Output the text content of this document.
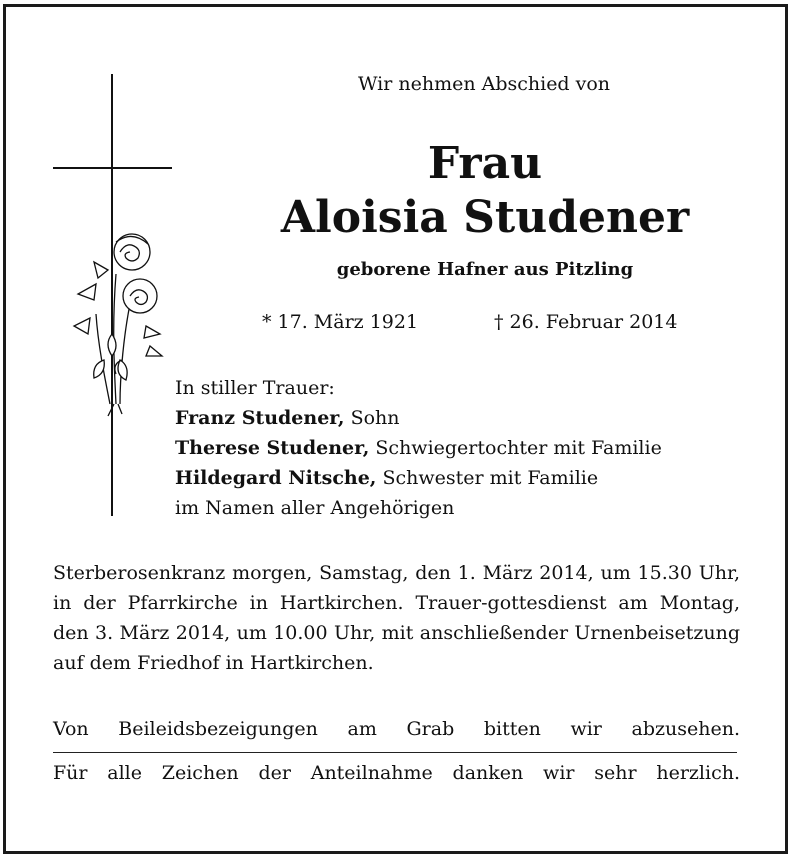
Wir nehmen Abschied von
Frau
Aloisia Studener
geborene Hafner aus Pitzling
* 17. März 1921	† 26. Februar 2014
In stiller Trauer:
Franz Studener, Sohn
Therese Studener, Schwiegertochter mit Familie
Hildegard Nitsche, Schwester mit Familie
im Namen aller Angehörigen
Sterberosenkranz morgen, Samstag, den 1. März 2014, um 15.30 Uhr, in der Pfarrkirche in Hartkirchen. Trauer-gottesdienst am Montag, den 3. März 2014, um 10.00 Uhr, mit anschließender Urnenbeisetzung auf dem Friedhof in Hartkirchen.
Von Beileidsbezeigungen am Grab bitten wir abzusehen.
Für alle Zeichen der Anteilnahme danken wir sehr herzlich.
